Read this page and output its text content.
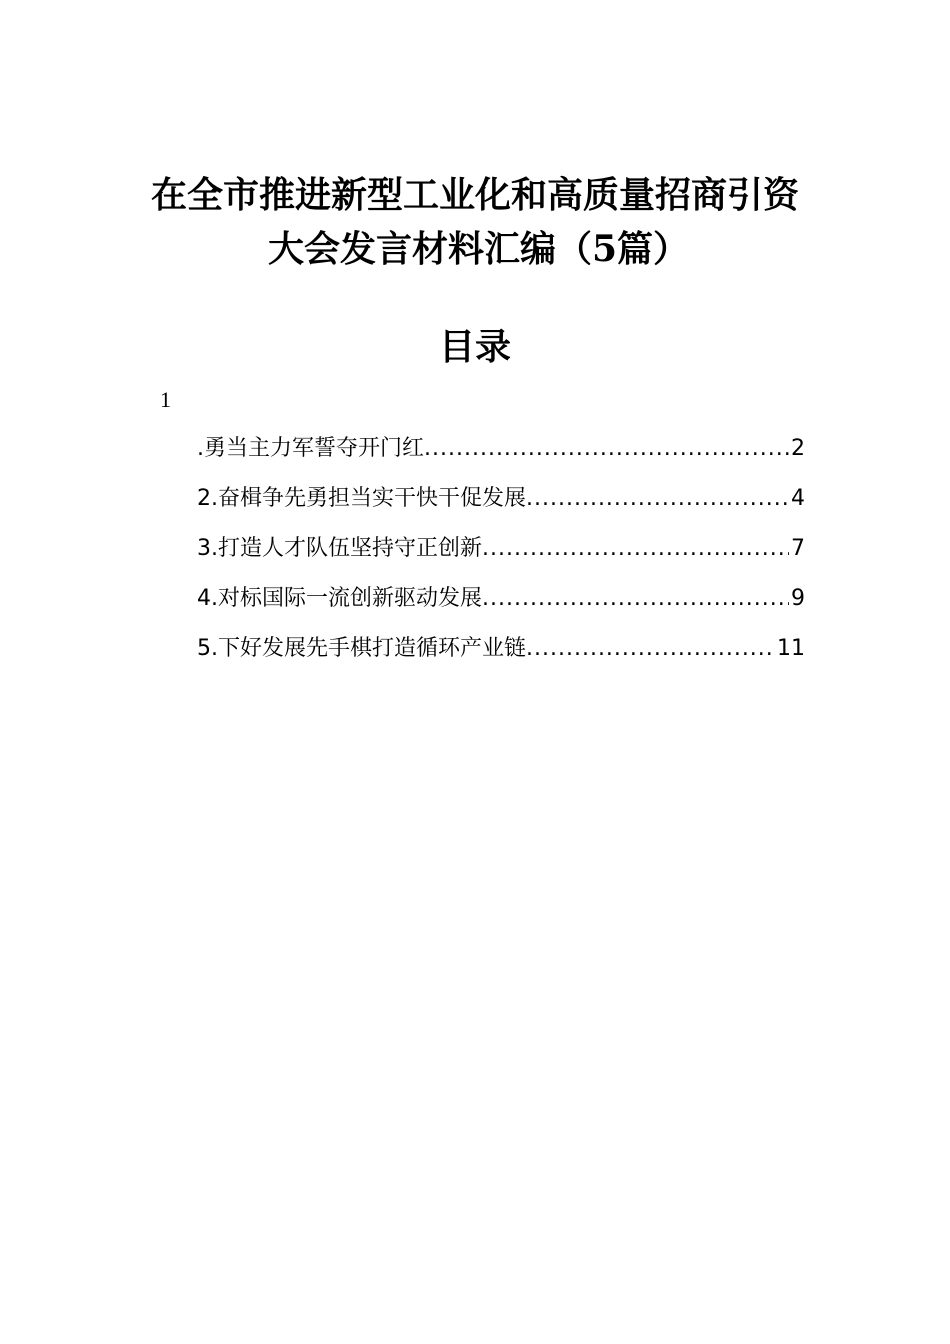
在全市推进新型工业化和高质量招商引资
大会发言材料汇编（5篇）
目录
1
.勇当主力军誓夺开门红 .....	2
2.奋楫争先勇担当实干快干促发展 .....	4
3.打造人才队伍坚持守正创新 .....	7
4.对标国际一流创新驱动发展 .....	9
5.下好发展先手棋打造循环产业链 .....	11
